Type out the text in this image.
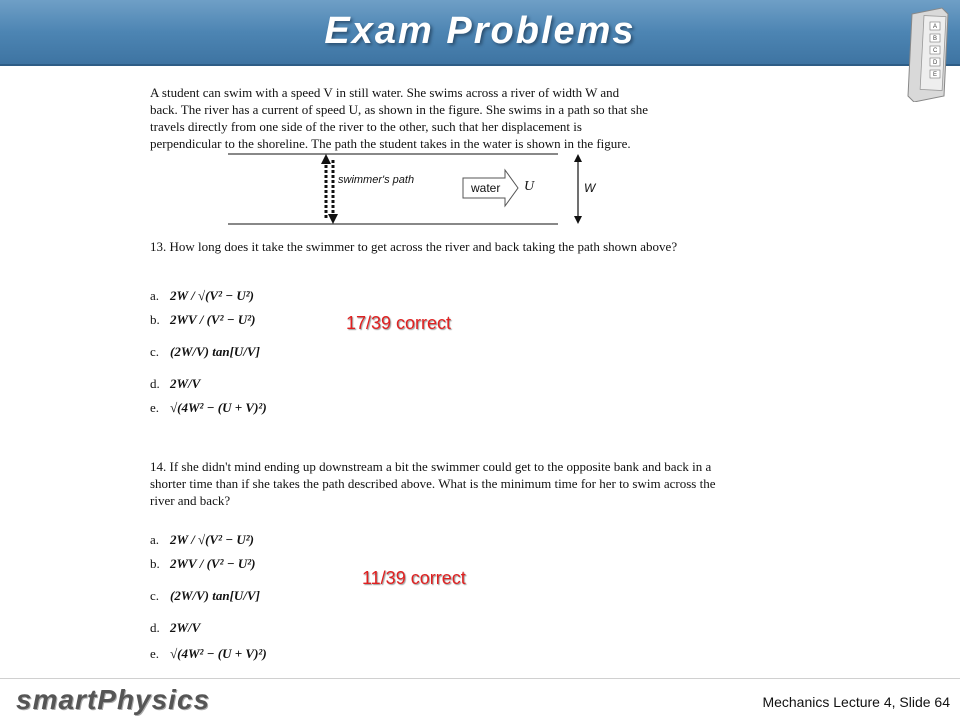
Exam Problems	A
B
C
D
E

A student can swim with a speed V in still water. She swims across a river of width W and

back. The river has a current of speed U, as shown in the figure. She swims in a path so that she

travels directly from one side of the river to the other, such that her displacement is

perpendicular to the shoreline. The path the student takes in the water is shown in the figure.

swimmer's path
water U	W
13. How long does it take the swimmer to get across the river and back taking the path shown above?
a. 2W / √(V² − U²)
b. 2WV / (V² − U²)
c. (2W/V) tan[U/V]
d. 2W/V
e. √(4W² − (U + V)²)
17/39 correct
14. If she didn't mind ending up downstream a bit the swimmer could get to the opposite bank and back in a shorter time than if she takes the path described above. What is the minimum time for her to swim across the river and back?
a. 2W / √(V² − U²)
b. 2WV / (V² − U²)
c. (2W/V) tan[U/V]
d. 2W/V
e. √(4W² − (U + V)²)
11/39 correct
smartPhysics	Mechanics Lecture 4, Slide 64
